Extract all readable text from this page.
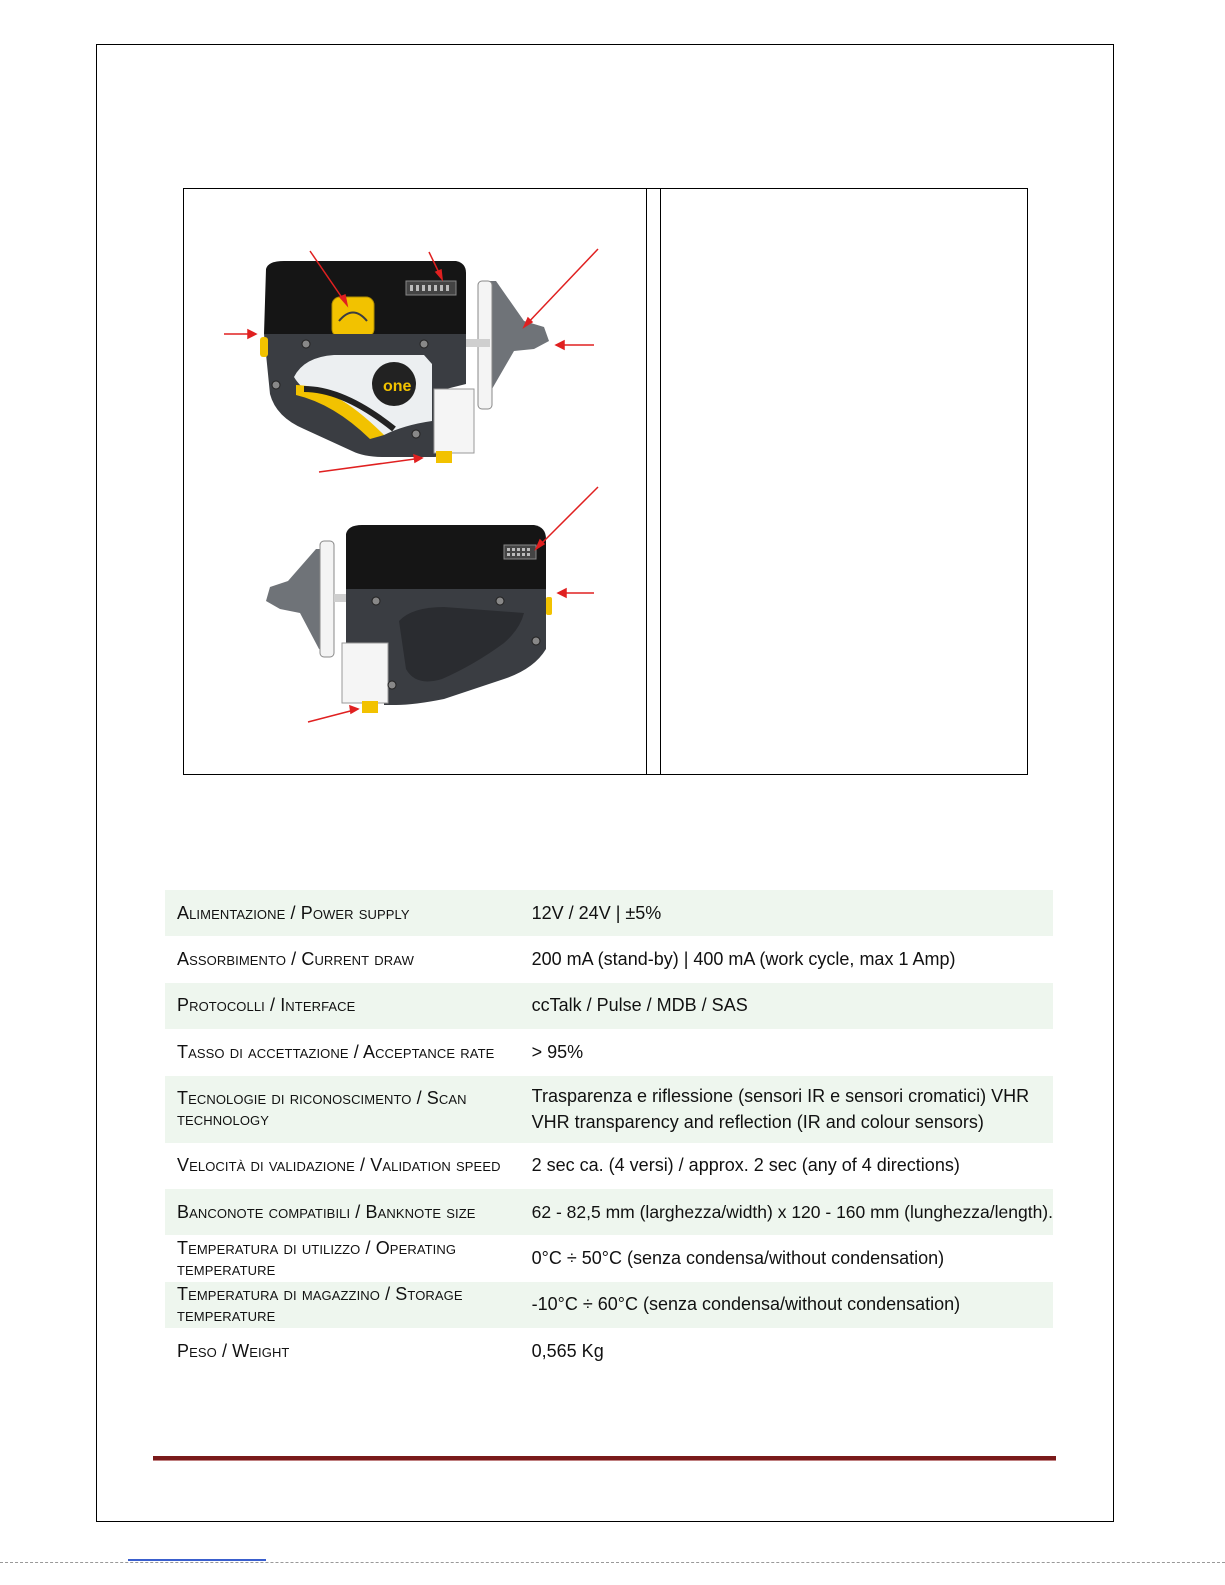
one
Alimentazione / Power supply	12V / 24V | ±5%
Assorbimento / Current draw	200 mA (stand-by) | 400 mA (work cycle, max 1 Amp)
Protocolli / Interface	ccTalk / Pulse / MDB / SAS
Tasso di accettazione / Acceptance rate	> 95%
Tecnologie di riconoscimento / Scan technology	Trasparenza e riflessione (sensori IR e sensori cromatici) VHR
VHR transparency and reflection (IR and colour sensors)

Velocità di validazione / Validation speed	2 sec ca. (4 versi) / approx. 2 sec (any of 4 directions)
Banconote compatibili / Banknote size	62 - 82,5 mm (larghezza/width) x 120 - 160 mm (lunghezza/length).
Temperatura di utilizzo / Operating temperature	0°C ÷ 50°C (senza condensa/without condensation)
Temperatura di magazzino / Storage temperature	-10°C ÷ 60°C (senza condensa/without condensation)
Peso / Weight	0,565 Kg
